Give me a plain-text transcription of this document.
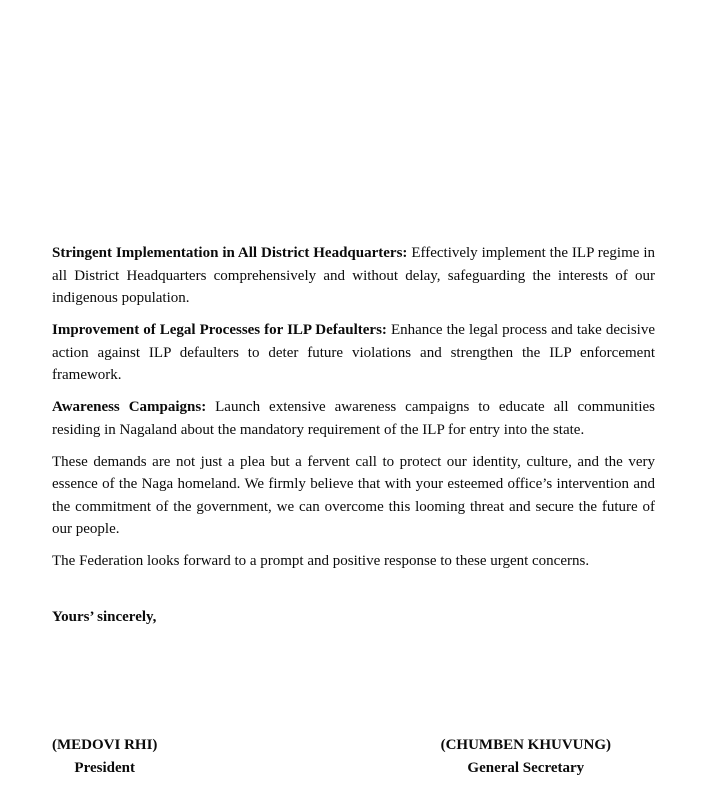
Stringent Implementation in All District Headquarters: Effectively implement the ILP regime in all District Headquarters comprehensively and without delay, safeguarding the interests of our indigenous population.

Improvement of Legal Processes for ILP Defaulters: Enhance the legal process and take decisive action against ILP defaulters to deter future violations and strengthen the ILP enforcement framework.

Awareness Campaigns: Launch extensive awareness campaigns to educate all communities residing in Nagaland about the mandatory requirement of the ILP for entry into the state.

These demands are not just a plea but a fervent call to protect our identity, culture, and the very essence of the Naga homeland. We firmly believe that with your esteemed office’s intervention and the commitment of the government, we can overcome this looming threat and secure the future of our people.

The Federation looks forward to a prompt and positive response to these urgent concerns.

Yours’ sincerely,

(MEDOVI RHI)
President
(CHUMBEN KHUVUNG)
General Secretary
